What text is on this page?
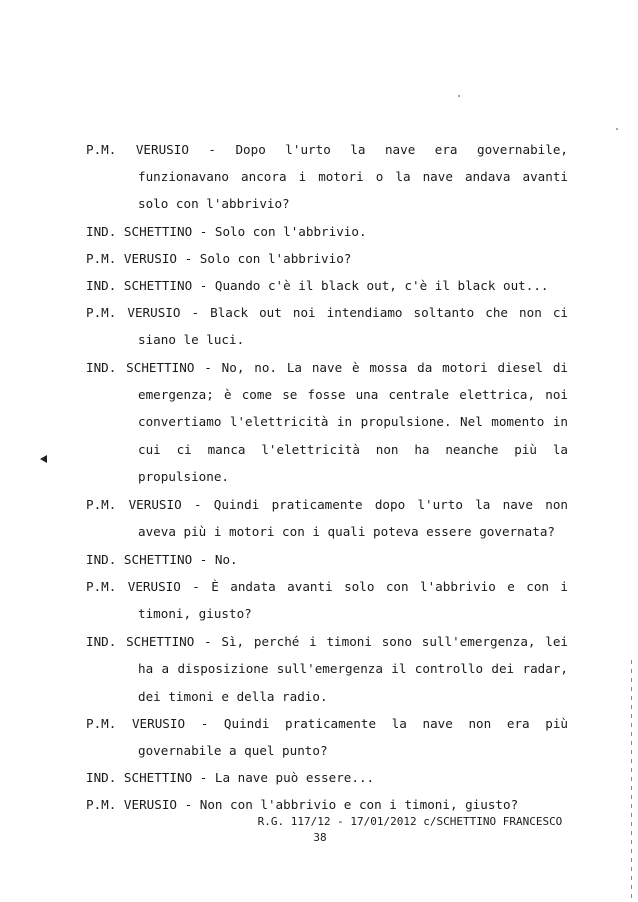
P.M. VERUSIO - Dopo l'urto la nave era governabile,
funzionavano ancora i motori o la nave andava avanti
solo con l'abbrivio?
IND. SCHETTINO - Solo con l'abbrivio.
P.M. VERUSIO - Solo con l'abbrivio?
IND. SCHETTINO - Quando c'è il black out, c'è il black out...
P.M. VERUSIO - Black out noi intendiamo soltanto che non ci
siano le luci.
IND. SCHETTINO - No, no. La nave è mossa da motori diesel di
emergenza; è come se fosse una centrale elettrica, noi
convertiamo l'elettricità in propulsione. Nel momento in
cui ci manca l'elettricità non ha neanche più la
propulsione.
P.M. VERUSIO - Quindi praticamente dopo l'urto la nave non
aveva più i motori con i quali poteva essere governata?
IND. SCHETTINO - No.
P.M. VERUSIO - È andata avanti solo con l'abbrivio e con i
timoni, giusto?
IND. SCHETTINO - Sì, perché i timoni sono sull'emergenza, lei
ha a disposizione sull'emergenza il controllo dei radar,
dei timoni e della radio.
P.M. VERUSIO - Quindi praticamente la nave non era più
governabile a quel punto?
IND. SCHETTINO - La nave può essere...
P.M. VERUSIO - Non con l'abbrivio e con i timoni, giusto?
R.G. 117/12 - 17/01/2012 c/SCHETTINO FRANCESCO
38
